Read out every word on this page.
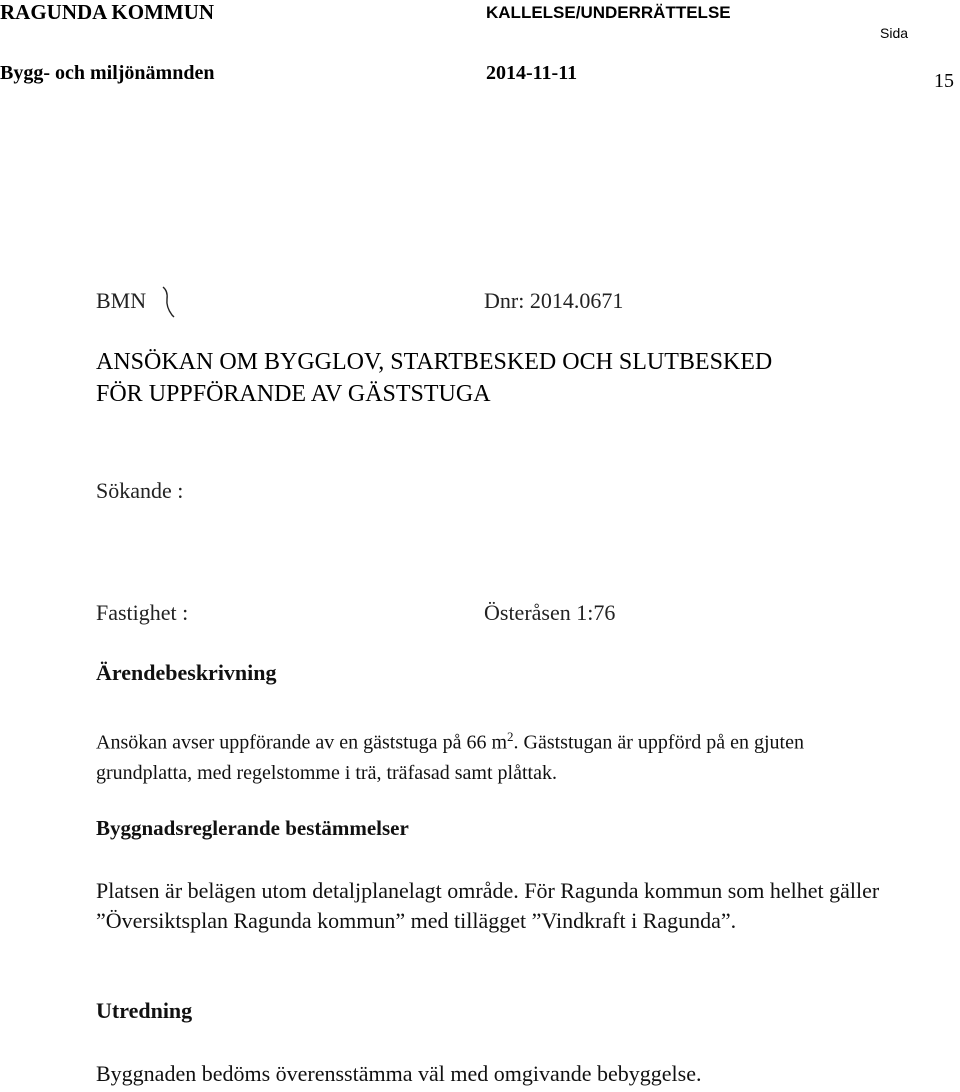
RAGUNDA KOMMUN	KALLELSE/UNDERRÄTTELSE
Sida
Bygg- och miljönämnden	2014-11-11	15
BMN	Dnr: 2014.0671
ANSÖKAN OM BYGGLOV, STARTBESKED OCH SLUTBESKED
FÖR UPPFÖRANDE AV GÄSTSTUGA
Sökande :
Fastighet :	Österåsen 1:76
Ärendebeskrivning

Ansökan avser uppförande av en gäststuga på 66 $m^2$. Gäststugan är uppförd på en gjuten grundplatta, med regelstomme i trä, träfasad samt plåttak.

Byggnadsreglerande bestämmelser
Platsen är belägen utom detaljplanelagt område. För Ragunda kommun som helhet gäller ”Översiktsplan Ragunda kommun” med tillägget ”Vindkraft i Ragunda”.
Utredning
Byggnaden bedöms överensstämma väl med omgivande bebyggelse.
